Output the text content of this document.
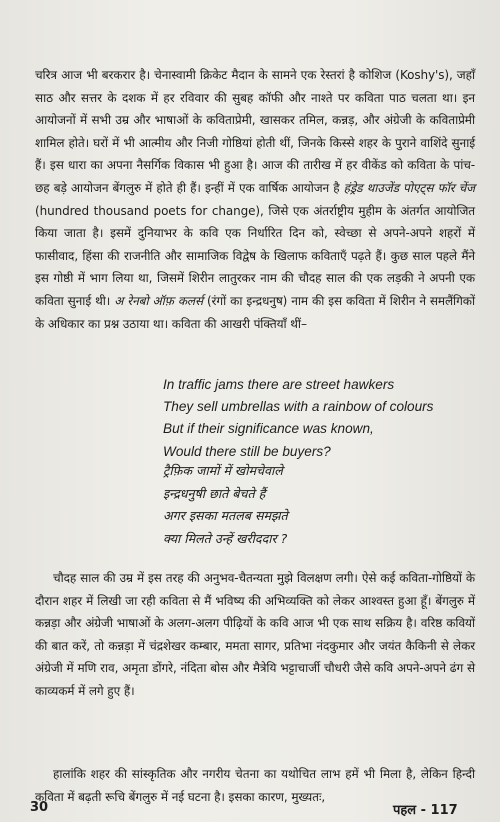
चरित्र आज भी बरकरार है। चेनास्वामी क्रिकेट मैदान के सामने एक रेस्तरां है कोशिज (Koshy's), जहाँ साठ और सत्तर के दशक में हर रविवार की सुबह कॉफी और नाश्ते पर कविता पाठ चलता था। इन आयोजनों में सभी उम्र और भाषाओं के कविताप्रेमी, खासकर तमिल, कन्नड़, और अंग्रेजी के कविताप्रेमी शामिल होते। घरों में भी आत्मीय और निजी गोष्ठियां होती थीं, जिनके किस्से शहर के पुराने वाशिंदे सुनाई हैं। इस धारा का अपना नैसर्गिक विकास भी हुआ है। आज की तारीख में हर वीकेंड को कविता के पांच-छह बड़े आयोजन बेंगलुरु में होते ही हैं। इन्हीं में एक वार्षिक आयोजन है हंड्रेड थाउजेंड पोएट्स फॉर चेंज (hundred thousand poets for change), जिसे एक अंतर्राष्ट्रीय मुहीम के अंतर्गत आयोजित किया जाता है। इसमें दुनियाभर के कवि एक निर्धारित दिन को, स्वेच्छा से अपने-अपने शहरों में फासीवाद, हिंसा की राजनीति और सामाजिक विद्वेष के खिलाफ कविताएँ पढ़ते हैं। कुछ साल पहले मैंने इस गोष्ठी में भाग लिया था, जिसमें शिरीन लातुरकर नाम की चौदह साल की एक लड़की ने अपनी एक कविता सुनाई थी। अ रेनबो ऑफ़ कलर्स (रंगों का इन्द्रधनुष) नाम की इस कविता में शिरीन ने समलैंगिकों के अधिकार का प्रश्न उठाया था। कविता की आखरी पंक्तियाँ थीं–
In traffic jams there are street hawkers
They sell umbrellas with a rainbow of colours
But if their significance was known,
Would there still be buyers?
ट्रैफ़िक जामों में खोमचेवाले
इन्द्रधनुषी छाते बेचते हैं
अगर इसका मतलब समझते
क्या मिलते उन्हें खरीददार ?
चौदह साल की उम्र में इस तरह की अनुभव-चैतन्यता मुझे विलक्षण लगी। ऐसे कई कविता-गोष्ठियों के दौरान शहर में लिखी जा रही कविता से मैं भविष्य की अभिव्यक्ति को लेकर आश्वस्त हुआ हूँ। बेंगलुरु में कन्नड़ा और अंग्रेजी भाषाओं के अलग-अलग पीढ़ियों के कवि आज भी एक साथ सक्रिय है। वरिष्ठ कवियों की बात करें, तो कन्नड़ा में चंद्रशेखर कम्बार, ममता सागर, प्रतिभा नंदकुमार और जयंत कैकिनी से लेकर अंग्रेजी में मणि राव, अमृता डोंगरे, नंदिता बोस और मैत्रेयि भट्टाचार्जी चौधरी जैसे कवि अपने-अपने ढंग से काव्यकर्म में लगे हुए हैं।
हालांकि शहर की सांस्कृतिक और नगरीय चेतना का यथोचित लाभ हमें भी मिला है, लेकिन हिन्दी कविता में बढ़ती रूचि बेंगलुरु में नई घटना है। इसका कारण, मुख्यतः,
30	पहल - 117
